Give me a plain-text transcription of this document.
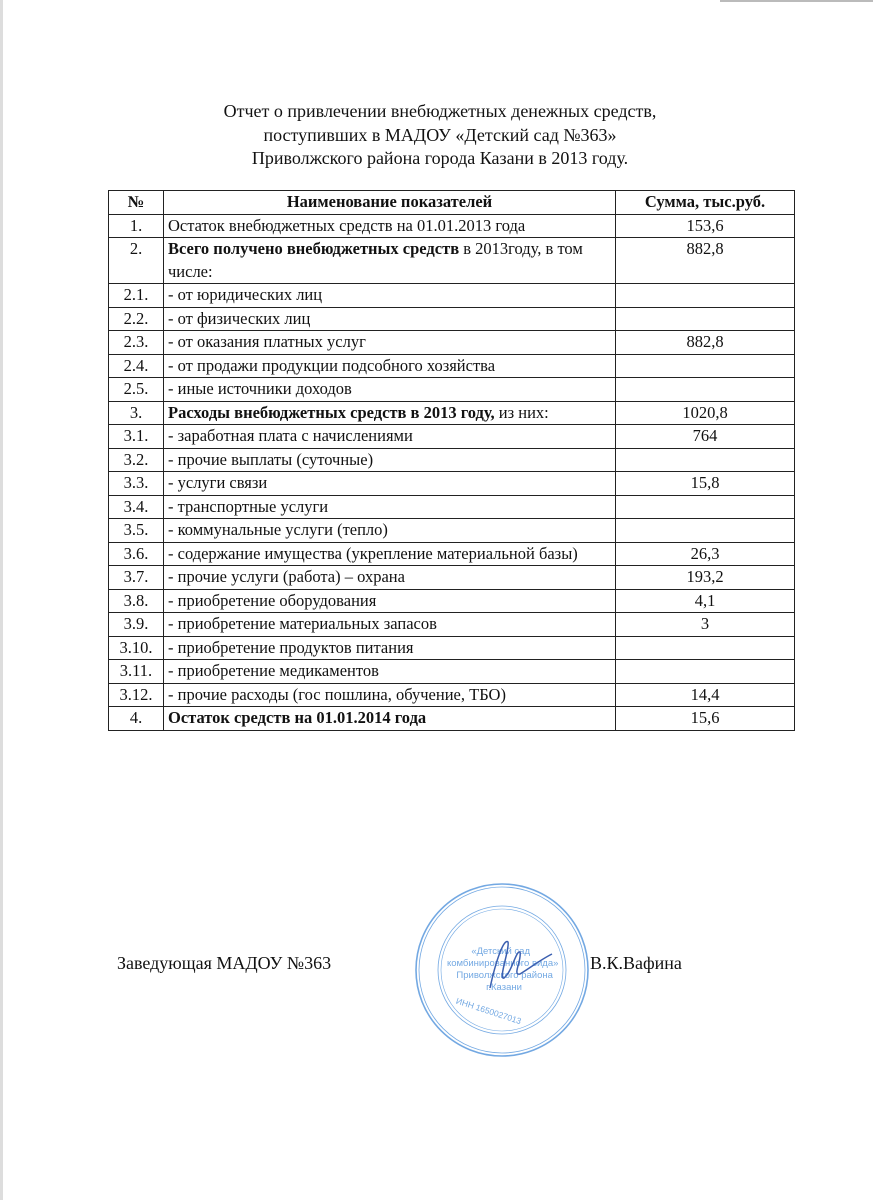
Отчет о привлечении внебюджетных денежных средств,
поступивших в МАДОУ «Детский сад №363»
Приволжского района города Казани в 2013 году.
№	Наименование показателей	Сумма, тыс.руб.
1.	Остаток внебюджетных средств на 01.01.2013 года	153,6
2.	Всего получено внебюджетных средств в 2013году, в том числе:	882,8
2.1.	- от юридических лиц	
2.2.	- от физических лиц	
2.3.	- от оказания платных услуг	882,8
2.4.	- от продажи продукции подсобного хозяйства	
2.5.	- иные источники доходов	
3.	Расходы внебюджетных средств в 2013 году, из них:	1020,8
3.1.	- заработная плата с начислениями	764
3.2.	- прочие выплаты (суточные)	
3.3.	- услуги связи	15,8
3.4.	- транспортные услуги	
3.5.	- коммунальные услуги (тепло)	
3.6.	- содержание имущества (укрепление материальной базы)	26,3
3.7.	- прочие услуги (работа) – охрана	193,2
3.8.	- приобретение оборудования	4,1
3.9.	- приобретение материальных запасов	3
3.10.	- приобретение продуктов питания	
3.11.	- приобретение медикаментов	
3.12.	- прочие расходы (гос пошлина, обучение, ТБО)	14,4
4.	Остаток средств на 01.01.2014 года	15,6
Заведующая МАДОУ №363	В.К.Вафина
«Детский сад комбинированного вида» Приволжского района г.Казани
ИНН 1650027013
